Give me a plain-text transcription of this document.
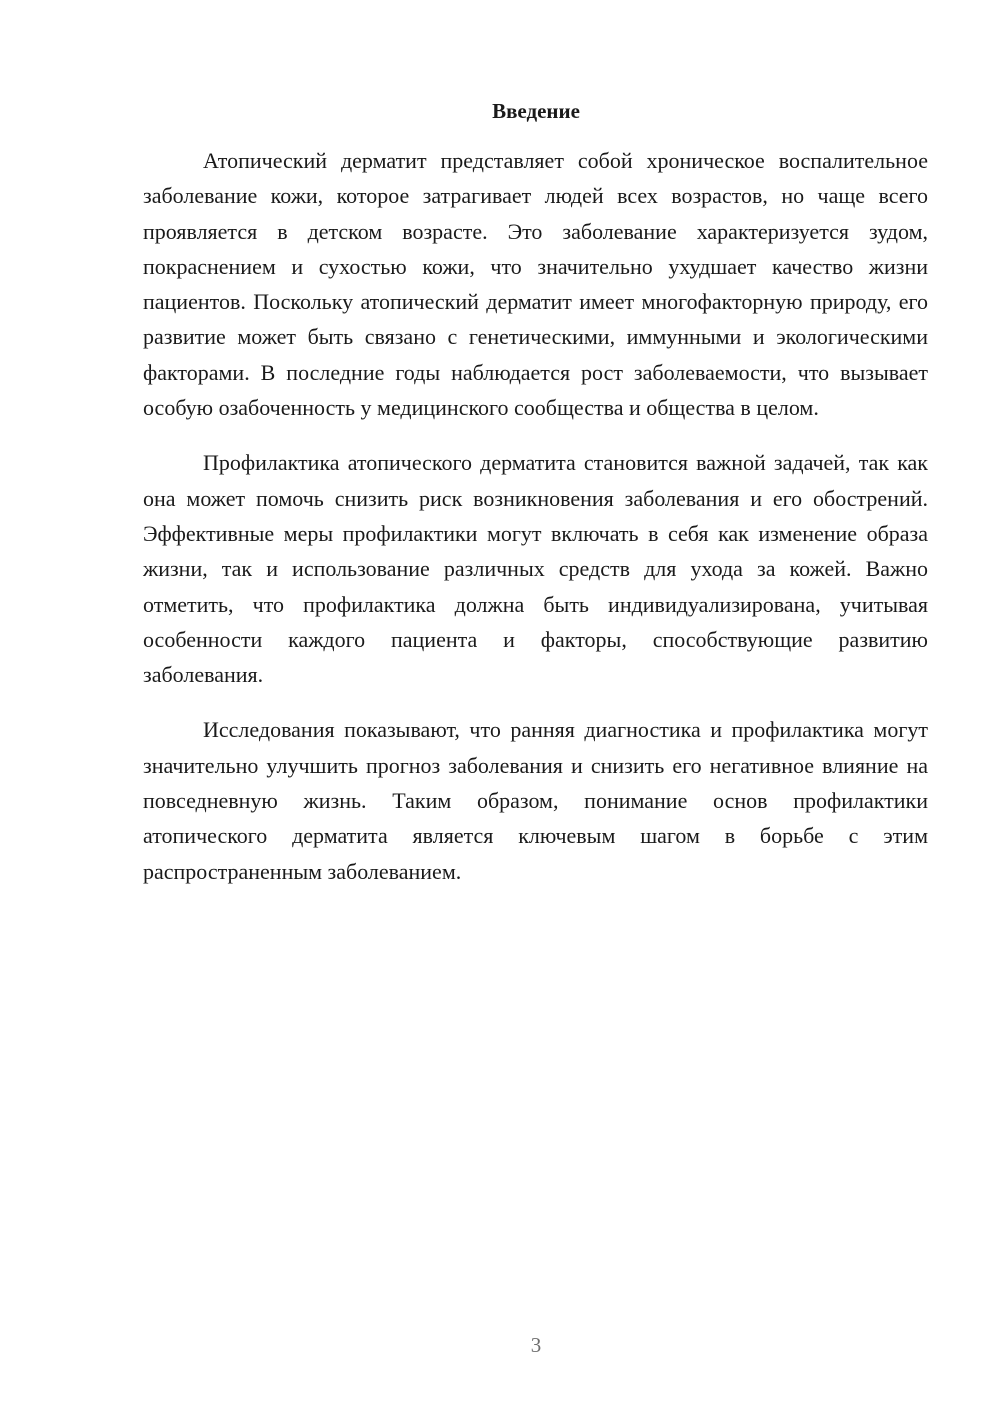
Введение

Атопический дерматит представляет собой хроническое воспалительное заболевание кожи, которое затрагивает людей всех возрастов, но чаще всего проявляется в детском возрасте. Это заболевание характеризуется зудом, покраснением и сухостью кожи, что значительно ухудшает качество жизни пациентов. Поскольку атопический дерматит имеет многофакторную природу, его развитие может быть связано с генетическими, иммунными и экологическими факторами. В последние годы наблюдается рост заболеваемости, что вызывает особую озабоченность у медицинского сообщества и общества в целом.

Профилактика атопического дерматита становится важной задачей, так как она может помочь снизить риск возникновения заболевания и его обострений. Эффективные меры профилактики могут включать в себя как изменение образа жизни, так и использование различных средств для ухода за кожей. Важно отметить, что профилактика должна быть индивидуализирована, учитывая особенности каждого пациента и факторы, способствующие развитию заболевания.

Исследования показывают, что ранняя диагностика и профилактика могут значительно улучшить прогноз заболевания и снизить его негативное влияние на повседневную жизнь. Таким образом, понимание основ профилактики атопического дерматита является ключевым шагом в борьбе с этим распространенным заболеванием.

3
